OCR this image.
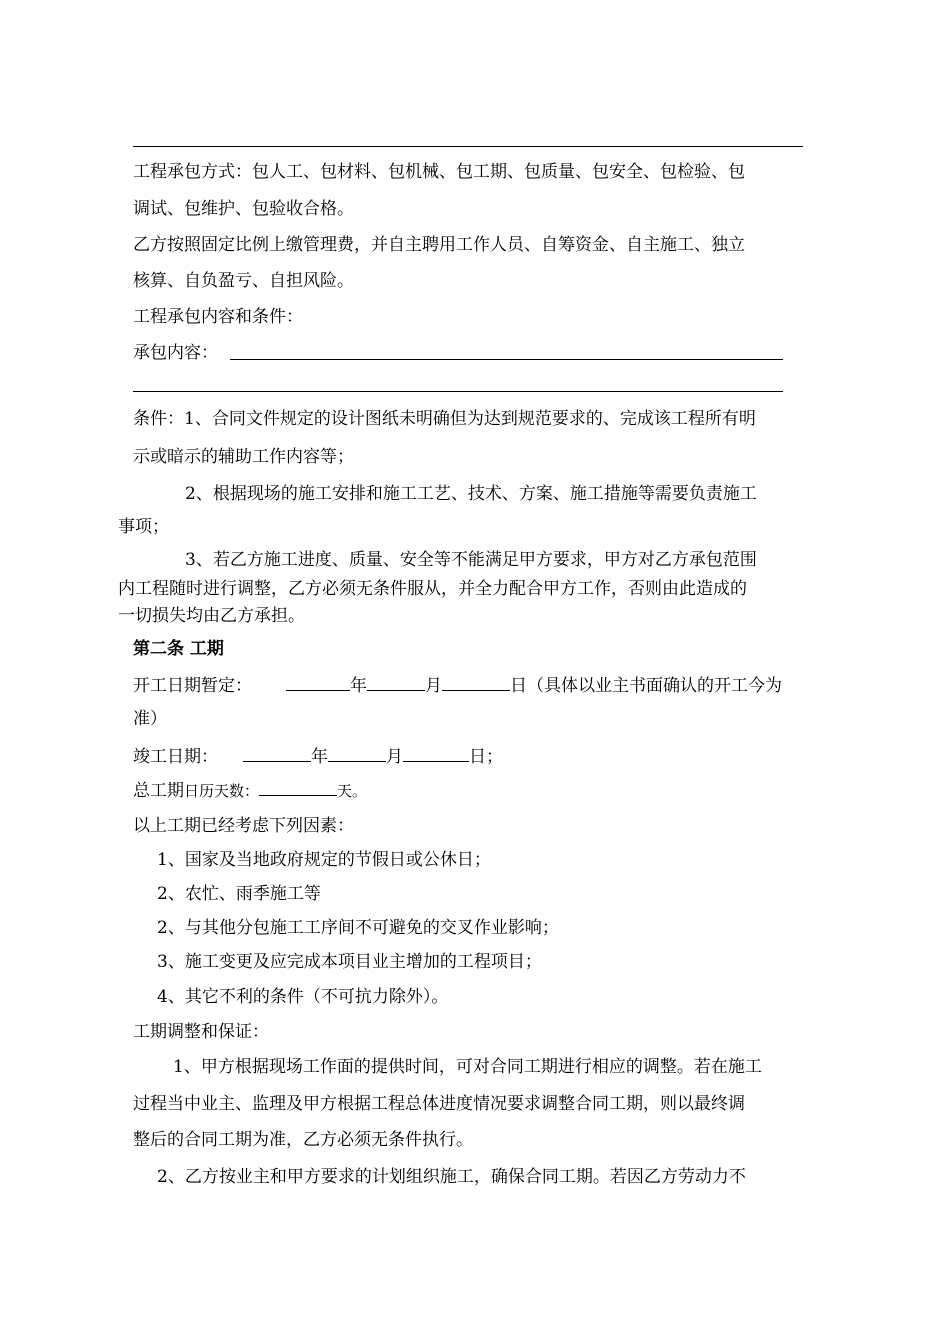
工程承包方式：包人工、包材料、包机械、包工期、包质量、包安全、包检验、包
调试、包维护、包验收合格。
乙方按照固定比例上缴管理费，并自主聘用工作人员、自筹资金、自主施工、独立
核算、自负盈亏、自担风险。
工程承包内容和条件：
承包内容：
条件：1、合同文件规定的设计图纸未明确但为达到规范要求的、完成该工程所有明
示或暗示的辅助工作内容等；
2、根据现场的施工安排和施工工艺、技术、方案、施工措施等需要负责施工
事项；
3、若乙方施工进度、质量、安全等不能满足甲方要求，甲方对乙方承包范围
内工程随时进行调整，乙方必须无条件服从，并全力配合甲方工作，否则由此造成的
一切损失均由乙方承担。
第二条 工期
开工日期暂定：	年	月	日（具体以业主书面确认的开工今为
准）
竣工日期：	年	月	日；
总工期日历天数：	天。
以上工期已经考虑下列因素：
1、国家及当地政府规定的节假日或公休日；
2、农忙、雨季施工等
2、与其他分包施工工序间不可避免的交叉作业影响；
3、施工变更及应完成本项目业主增加的工程项目；
4、其它不利的条件（不可抗力除外）。
工期调整和保证：
1、甲方根据现场工作面的提供时间，可对合同工期进行相应的调整。若在施工
过程当中业主、监理及甲方根据工程总体进度情况要求调整合同工期，则以最终调
整后的合同工期为准，乙方必须无条件执行。
2、乙方按业主和甲方要求的计划组织施工，确保合同工期。若因乙方劳动力不
